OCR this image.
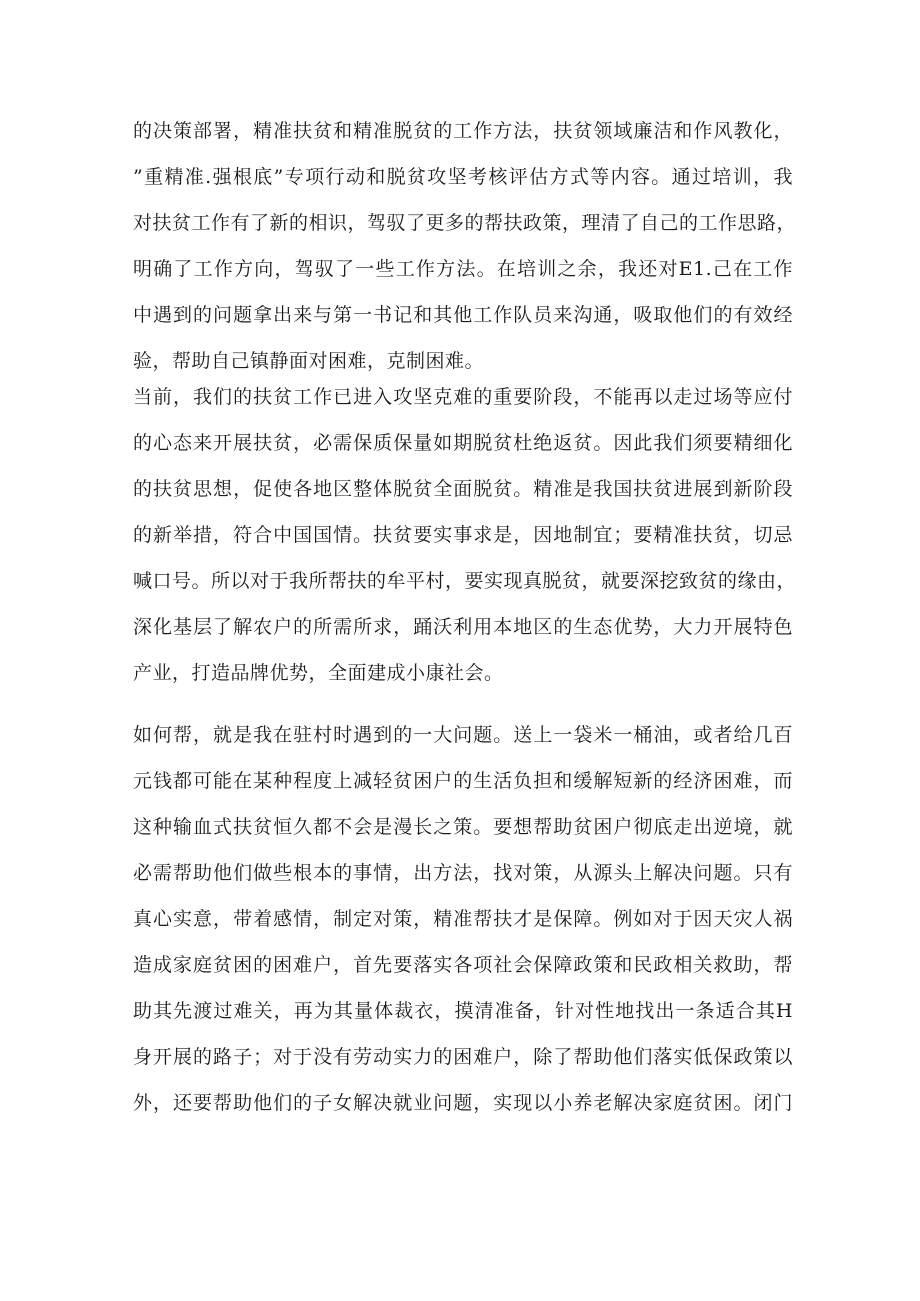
的决策部署，精准扶贫和精准脱贫的工作方法，扶贫领域廉洁和作风教化，
”重精准.强根底”专项行动和脱贫攻坚考核评估方式等内容。通过培训，我
对扶贫工作有了新的相识，驾驭了更多的帮扶政策，理清了自己的工作思路，
明确了工作方向，驾驭了一些工作方法。在培训之余，我还对E1.己在工作
中遇到的问题拿出来与第一书记和其他工作队员来沟通，吸取他们的有效经
验，帮助自己镇静面对困难，克制困难。
当前，我们的扶贫工作已进入攻坚克难的重要阶段，不能再以走过场等应付
的心态来开展扶贫，必需保质保量如期脱贫杜绝返贫。因此我们须要精细化
的扶贫思想，促使各地区整体脱贫全面脱贫。精准是我国扶贫进展到新阶段
的新举措，符合中国国情。扶贫要实事求是，因地制宜；要精准扶贫，切忌
喊口号。所以对于我所帮扶的牟平村，要实现真脱贫，就要深挖致贫的缘由，
深化基层了解农户的所需所求，踊沃利用本地区的生态优势，大力开展特色
产业，打造品牌优势，全面建成小康社会。
如何帮，就是我在驻村时遇到的一大问题。送上一袋米一桶油，或者给几百
元钱都可能在某种程度上减轻贫困户的生活负担和缓解短新的经济困难，而
这种输血式扶贫恒久都不会是漫长之策。要想帮助贫困户彻底走出逆境，就
必需帮助他们做些根本的事情，出方法，找对策，从源头上解决问题。只有
真心实意，带着感情，制定对策，精准帮扶才是保障。例如对于因天灾人祸
造成家庭贫困的困难户，首先要落实各项社会保障政策和民政相关救助，帮
助其先渡过难关，再为其量体裁衣，摸清准备，针对性地找出一条适合其H
身开展的路子；对于没有劳动实力的困难户，除了帮助他们落实低保政策以
外，还要帮助他们的子女解决就业问题，实现以小养老解决家庭贫困。闭门
